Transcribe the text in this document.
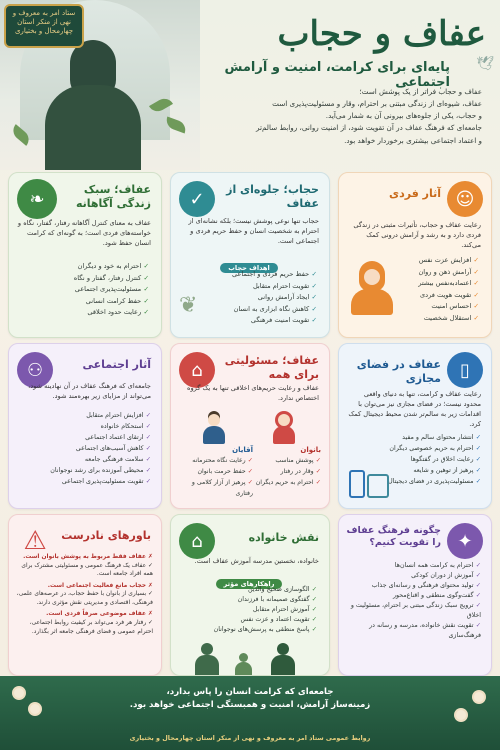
ستاد امر به معروف و نهی از منکر استان چهارمحال و بختیاری	عفاف و حجاب
🕊
پایه‌ای برای کرامت، امنیت و آرامش اجتماعی

عفاف و حجاب فراتر از یک پوشش است؛

عفاف، شیوه‌ای از زندگی مبتنی بر احترام، وقار و مسئولیت‌پذیری است

و حجاب، یکی از جلوه‌های بیرونی آن به شمار می‌آید.

جامعه‌ای که فرهنگ عفاف در آن تقویت شود، از امنیت روانی، روابط سالم‌تر

و اعتماد اجتماعی بیشتری برخوردار خواهد بود.

☺
آثار فردی
رعایت عفاف و حجاب، تأثیرات مثبتی در زندگی فردی دارد و به رشد و آرامش درونی کمک می‌کند.
✓ افزایش عزت نفس
✓ آرامش ذهن و روان
✓ اعتماد‌به‌نفس بیشتر
✓ تقویت هویت فردی
✓ احساس امنیت
✓ استقلال شخصیت
✓	حجاب؛ جلوه‌ای از عفاف
حجاب تنها نوعی پوشش نیست؛ بلکه نشانه‌ای از احترام به شخصیت انسان و حفظ حریم فردی و اجتماعی است.
اهداف حجاب
✓ حفظ حریم فردی و اجتماعی
✓ تقویت احترام متقابل
✓ ایجاد آرامش روانی
✓ کاهش نگاه ابزاری به انسان
✓ تقویت امنیت فرهنگی
❦
❧	عفاف؛ سبک زندگی آگاهانه
عفاف به معنای کنترل آگاهانه رفتار، گفتار، نگاه و خواسته‌های فردی است؛ به گونه‌ای که کرامت انسان حفظ شود.
✓ احترام به خود و دیگران
✓ کنترل رفتار، گفتار و نگاه
✓ مسئولیت‌پذیری اجتماعی
✓ حفظ کرامت انسانی
✓ رعایت حدود اخلاقی
▯
عفاف در فضای مجازی
رعایت عفاف و کرامت، تنها به دنیای واقعی محدود نیست؛ در فضای مجازی نیز می‌توان با اقدامات زیر به سالم‌تر شدن محیط دیجیتال کمک کرد.
✓ انتشار محتوای سالم و مفید
✓ احترام به حریم خصوصی دیگران
✓ رعایت اخلاق در گفتگوها
✓ پرهیز از توهین و شایعه
✓ مسئولیت‌پذیری در فضای دیجیتال
⌂	عفاف؛ مسئولیتی برای همه
عفاف و رعایت حریم‌های اخلاقی تنها به یک گروه اختصاص ندارد.
بانوان
✓ پوشش مناسب
✓ وقار در رفتار
✓ احترام به حریم دیگران
آقایان
✓ رعایت نگاه محترمانه
✓ حفظ حرمت بانوان
✓ پرهیز از آزار کلامی و رفتاری
⚇	آثار اجتماعی
جامعه‌ای که فرهنگ عفاف در آن نهادینه شود، می‌تواند از مزایای زیر بهره‌مند شود.
✓ افزایش احترام متقابل
✓ استحکام خانواده
✓ ارتقای اعتماد اجتماعی
✓ کاهش آسیب‌های اجتماعی
✓ سلامت فرهنگی جامعه
✓ محیطی آموزنده برای رشد نوجوانان
✓ تقویت مسئولیت‌پذیری اجتماعی
✦
چگونه فرهنگ عفاف را تقویت کنیم؟
✓ احترام به کرامت همه انسان‌ها
✓ آموزش از دوران کودکی
✓ تولید محتوای فرهنگی و رسانه‌ای جذاب
✓ گفت‌وگوی منطقی و اقناع‌محور
✓ ترویج سبک زندگی مبتنی بر احترام، مسئولیت و اخلاق
✓ تقویت نقش خانواده، مدرسه و رسانه در فرهنگ‌سازی
⌂	نقش خانواده
خانواده، نخستین مدرسه آموزش عفاف است.
راهکارهای مؤثر
✓ الگوسازی صحیح والدین
✓ گفتگوی صمیمانه با فرزندان
✓ آموزش احترام متقابل
✓ تقویت اعتماد و عزت نفس
✓ پاسخ منطقی به پرسش‌های نوجوانان
⚠	باورهای نادرست
✗ عفاف فقط مربوط به پوشش بانوان است.
✓ عفاف یک فرهنگ عمومی و مسئولیتی مشترک برای همه افراد جامعه است.
✗ حجاب مانع فعالیت اجتماعی است.
✓ بسیاری از بانوان با حفظ حجاب، در عرصه‌های علمی، فرهنگی، اقتصادی و مدیریتی نقش مؤثری دارند.
✗ عفاف موضوعی صرفاً فردی است.
✓ رفتار هر فرد می‌تواند بر کیفیت روابط اجتماعی، احترام عمومی و فضای فرهنگی جامعه اثر بگذارد.
جامعه‌ای که کرامت انسان را پاس بدارد،
زمینه‌ساز آرامش، امنیت و همبستگی اجتماعی خواهد بود.
روابط عمومی ستاد امر به معروف و نهی از منکر استان چهارمحال و بختیاری
